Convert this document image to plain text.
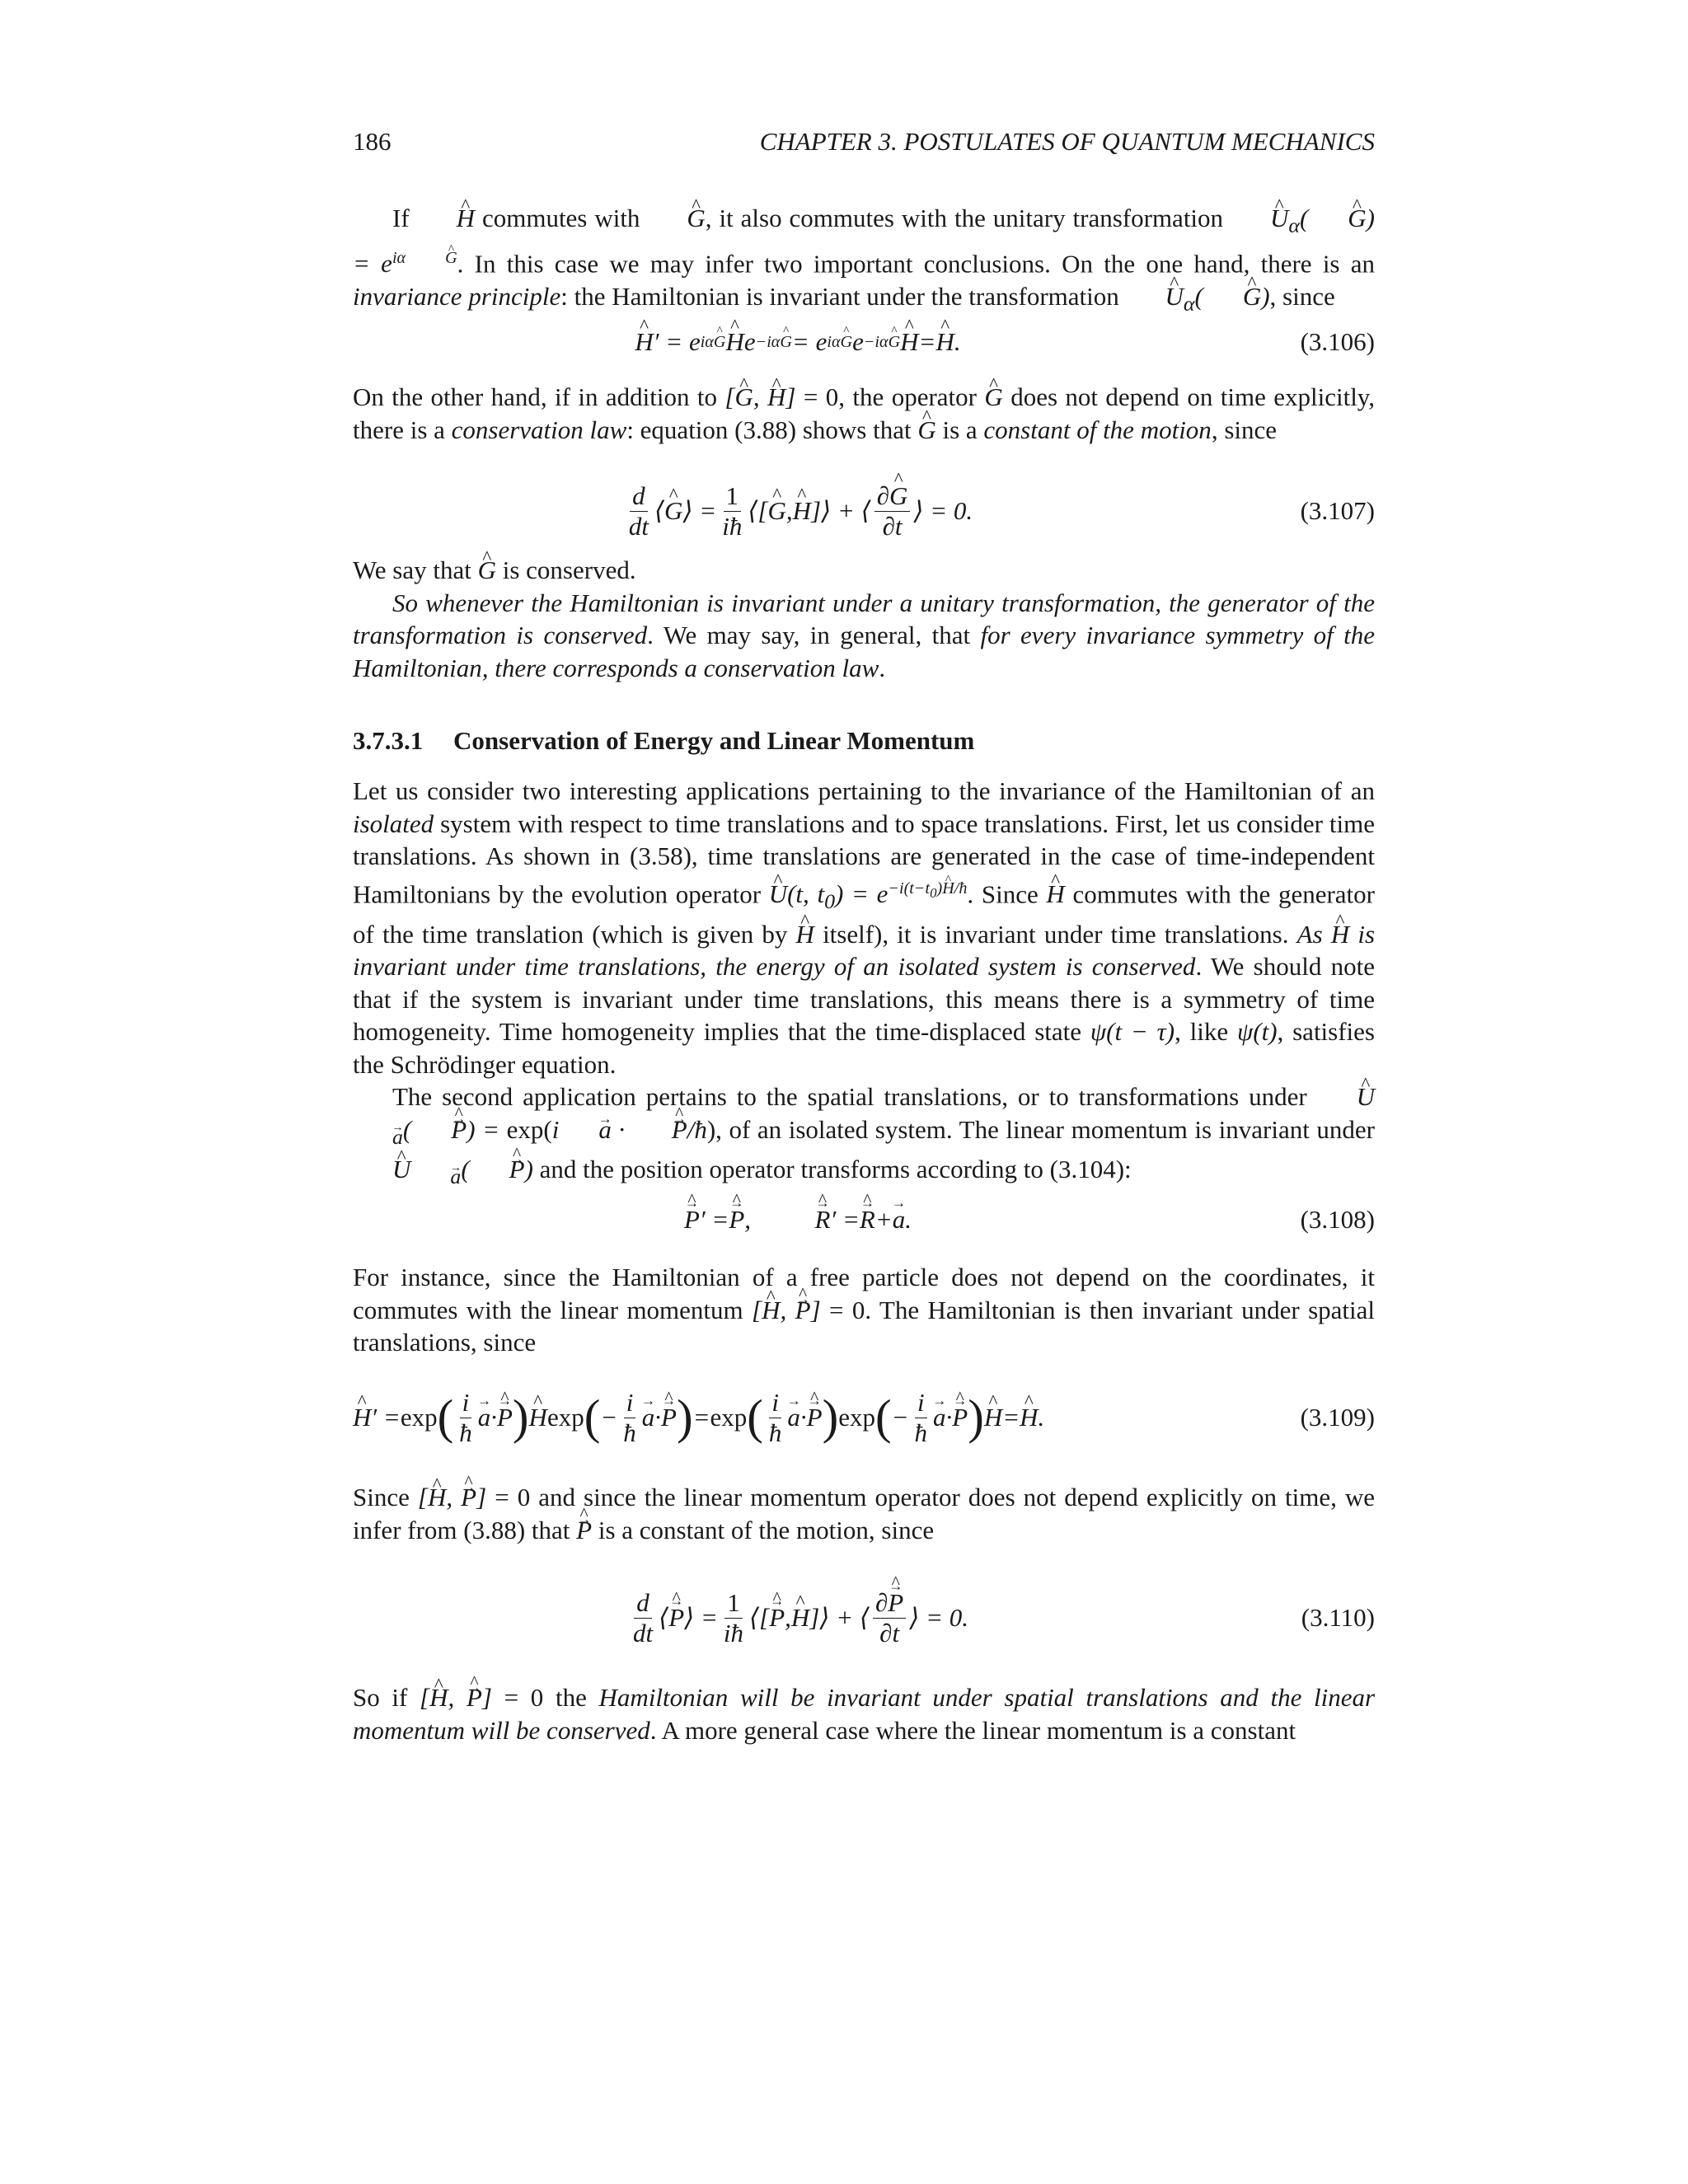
186	CHAPTER 3. POSTULATES OF QUANTUM MECHANICS

If ^ H commutes with ^ G, it also commutes with the unitary transformation ^ $U_\alpha(\^{}$ $G) = e^{i\alpha\^{} G}$. In this case we may infer two important conclusions. On the one hand, there is an invariance principle: the Hamiltonian is invariant under the transformation ^ $U_\alpha(\^{}$ G), since

^ H ′ = e iα^ G
^ H e −iα^ G = e iα^ G e −iα^ G
^ H =
^ H .	(3.106)

On the other hand, if in addition to [^ G, ^ H] = 0, the operator ^ G does not depend on time explicitly, there is a conservation law: equation (3.88) shows that ^ G is a constant of the motion, since

$\frac{d}{dt}$ ⟨
^ G ⟩ = $\frac{1}{iħ}$ ⟨[
^ G ,
^ H ]⟩ + ⟨ $\frac{\partial\^{} G}{\partial t}$ ⟩ = 0.	(3.107)

We say that ^ G is conserved.

So whenever the Hamiltonian is invariant under a unitary transformation, the generator of the transformation is conserved. We may say, in general, that for every invariance symmetry of the Hamiltonian, there corresponds a conservation law.

3.7.3.1 Conservation of Energy and Linear Momentum

Let us consider two interesting applications pertaining to the invariance of the Hamiltonian of an isolated system with respect to time translations and to space translations. First, let us consider time translations. As shown in (3.58), time translations are generated in the case of time-independent Hamiltonians by the evolution operator ^ U(t, $t_0) = e^{-i(t-t_0)\^{} H/ħ}$. Since ^ H commutes with the generator of the time translation (which is given by ^ H itself), it is invariant under time translations. As ^ H is invariant under time translations, the energy of an isolated system is conserved. We should note that if the system is invariant under time translations, this means there is a symmetry of time homogeneity. Time homogeneity implies that the time-displaced state ψ(t − τ), like ψ(t), satisfies the Schrödinger equation.

The second application pertains to the spatial translations, or to transformations under ^ U→ $_a$(→ P ^) = exp(i→ a · → P ^/ħ), of an isolated system. The linear momentum is invariant under ^ U→ $_a$(→ P ^) and the position operator transforms according to (3.104):

→ P ^ ′ =
→ P ^ ,
→ R ^ ′ =
→ R ^ +
→ a .	(3.108)

For instance, since the Hamiltonian of a free particle does not depend on the coordinates, it commutes with the linear momentum [^ H, → P ^] = 0. The Hamiltonian is then invariant under spatial translations, since

^ H ′ = exp ( $\frac{i}{ħ}$
→ a ·
→ P ^ )
^ H exp ( − $\frac{i}{ħ}$
→ a ·
→ P ^ ) = exp ( $\frac{i}{ħ}$
→ a ·
→ P ^ ) exp ( − $\frac{i}{ħ}$
→ a ·
→ P ^ )
^ H =
^ H .	(3.109)

Since [^ H, → P ^] = 0 and since the linear momentum operator does not depend explicitly on time, we infer from (3.88) that → P ^ is a constant of the motion, since

$\frac{d}{dt}$ ⟨
→ P ^ ⟩ = $\frac{1}{iħ}$ ⟨[
→ P ^ ,
^ H ]⟩ + ⟨ $\frac{\partial\to P \^{}}{\partial t}$ ⟩ = 0.	(3.110)

So if [^ H, → P ^] = 0 the Hamiltonian will be invariant under spatial translations and the linear momentum will be conserved. A more general case where the linear momentum is a constant
